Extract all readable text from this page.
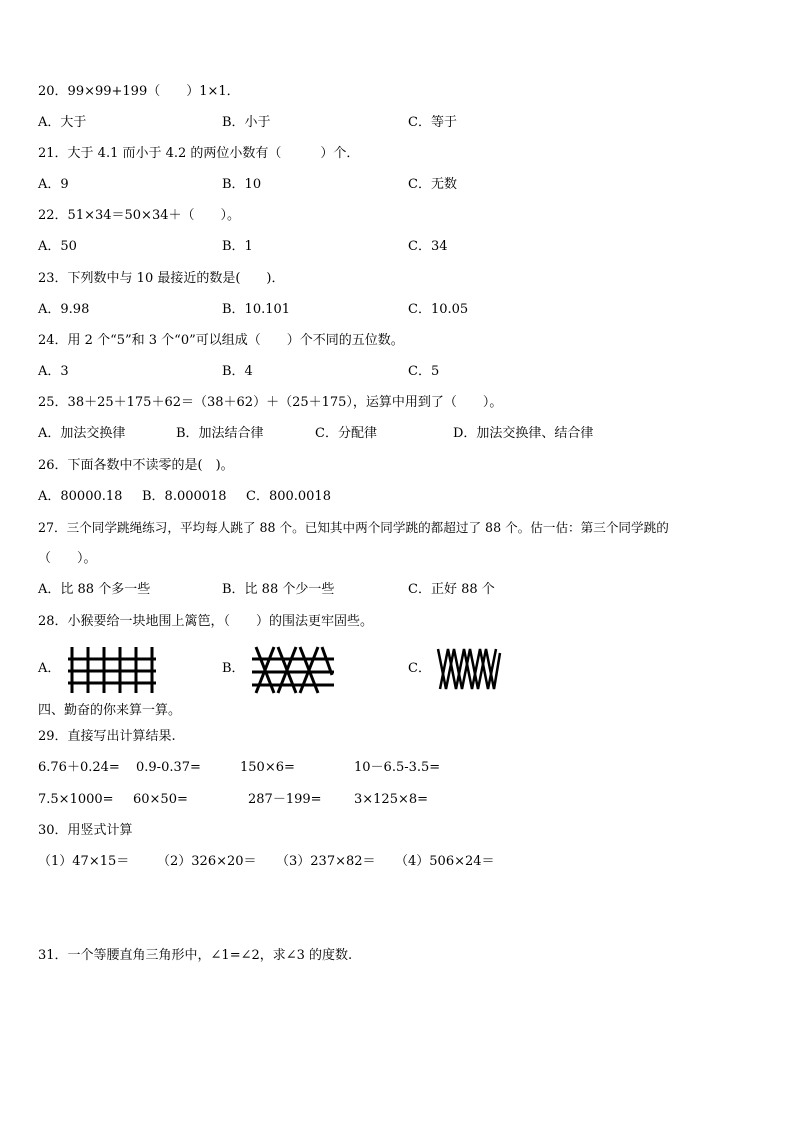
20．99×99+199（　　）1×1．
A．大于	B．小于	C．等于
21．大于 4.1 而小于 4.2 的两位小数有（　　　）个．
A．9	B．10	C．无数
22．51×34＝50×34＋（　　）。
A．50	B．1	C．34
23．下列数中与 10 最接近的数是(　　)．
A．9.98	B．10.101	C．10.05
24．用 2 个“5”和 3 个“0”可以组成（　　）个不同的五位数。
A．3	B．4	C．5
25．38＋25＋175＋62＝（38＋62）＋（25＋175），运算中用到了（　　）。
A．加法交换律	B．加法结合律	C．分配律	D．加法交换律、结合律
26．下面各数中不读零的是(　)。
A．80000.18 B．8.000018 C．800.0018
27．三个同学跳绳练习，平均每人跳了 88 个。已知其中两个同学跳的都超过了 88 个。估一估：第三个同学跳的
（　　）。
A．比 88 个多一些	B．比 88 个少一些	C．正好 88 个
28．小猴要给一块地围上篱笆，（　　）的围法更牢固些。
A．	B．	C．
四、勤奋的你来算一算。
29．直接写出计算结果.
6.76＋0.24= 0.9-0.37=	150×6=	10－6.5-3.5=
7.5×1000= 60×50=	287－199= 3×125×8=
30．用竖式计算
（1）47×15＝ （2）326×20＝ （3）237×82＝ （4）506×24＝
31．一个等腰直角三角形中，∠1=∠2，求∠3 的度数.
